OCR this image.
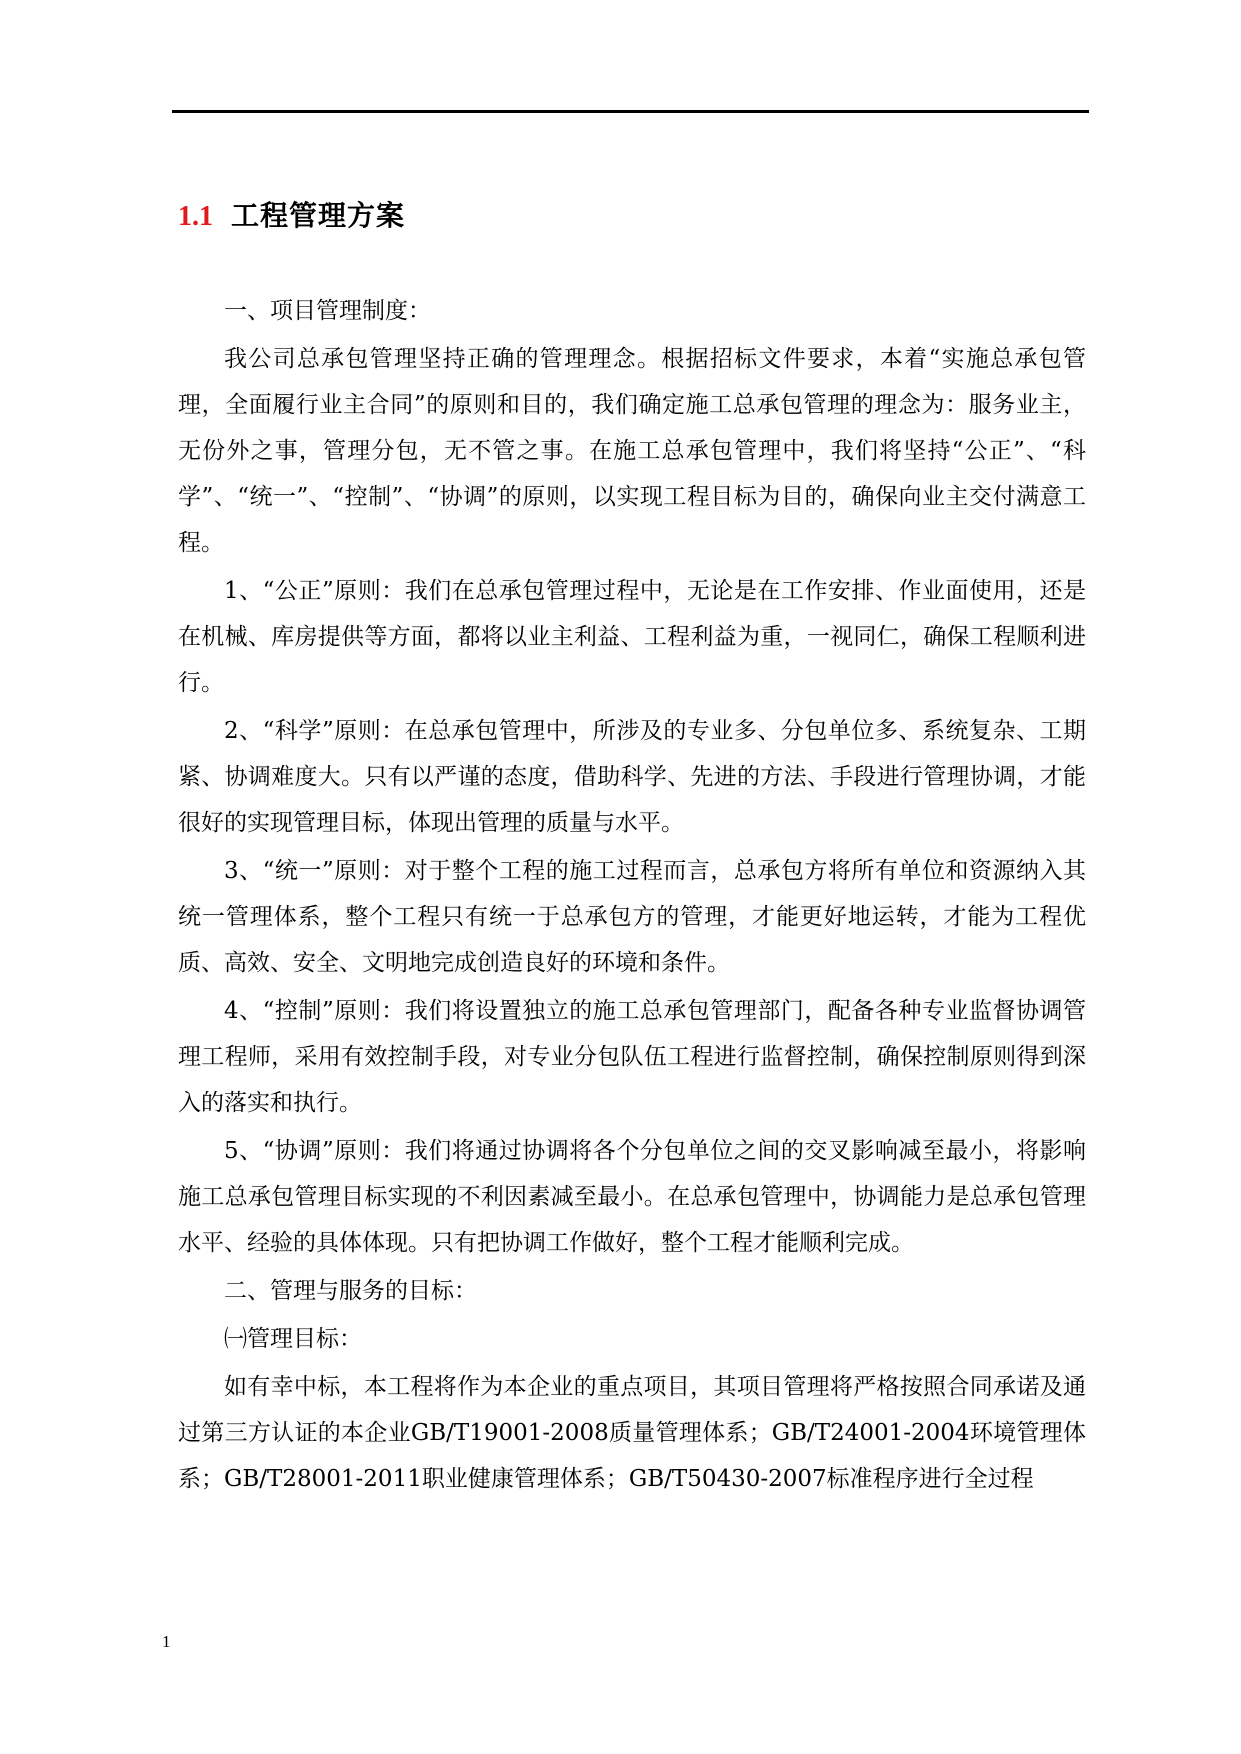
1.1 工程管理方案

一、项目管理制度：

我公司总承包管理坚持正确的管理理念。根据招标文件要求，本着“实施总承包管理，全面履行业主合同”的原则和目的，我们确定施工总承包管理的理念为：服务业主，无份外之事，管理分包，无不管之事。在施工总承包管理中，我们将坚持“公正”、“科学”、“统一”、“控制”、“协调”的原则，以实现工程目标为目的，确保向业主交付满意工程。

1、“公正”原则：我们在总承包管理过程中，无论是在工作安排、作业面使用，还是在机械、库房提供等方面，都将以业主利益、工程利益为重，一视同仁，确保工程顺利进行。

2、“科学”原则：在总承包管理中，所涉及的专业多、分包单位多、系统复杂、工期紧、协调难度大。只有以严谨的态度，借助科学、先进的方法、手段进行管理协调，才能很好的实现管理目标，体现出管理的质量与水平。

3、“统一”原则：对于整个工程的施工过程而言，总承包方将所有单位和资源纳入其统一管理体系，整个工程只有统一于总承包方的管理，才能更好地运转，才能为工程优质、高效、安全、文明地完成创造良好的环境和条件。

4、“控制”原则：我们将设置独立的施工总承包管理部门，配备各种专业监督协调管理工程师，采用有效控制手段，对专业分包队伍工程进行监督控制，确保控制原则得到深入的落实和执行。

5、“协调”原则：我们将通过协调将各个分包单位之间的交叉影响减至最小，将影响施工总承包管理目标实现的不利因素减至最小。在总承包管理中，协调能力是总承包管理水平、经验的具体体现。只有把协调工作做好，整个工程才能顺利完成。

二、管理与服务的目标：

㈠管理目标：

如有幸中标，本工程将作为本企业的重点项目，其项目管理将严格按照合同承诺及通过第三方认证的本企业GB/T19001-2008质量管理体系；GB/T24001-2004环境管理体系；GB/T28001-2011职业健康管理体系；GB/T50430-2007标准程序进行全过程

1
